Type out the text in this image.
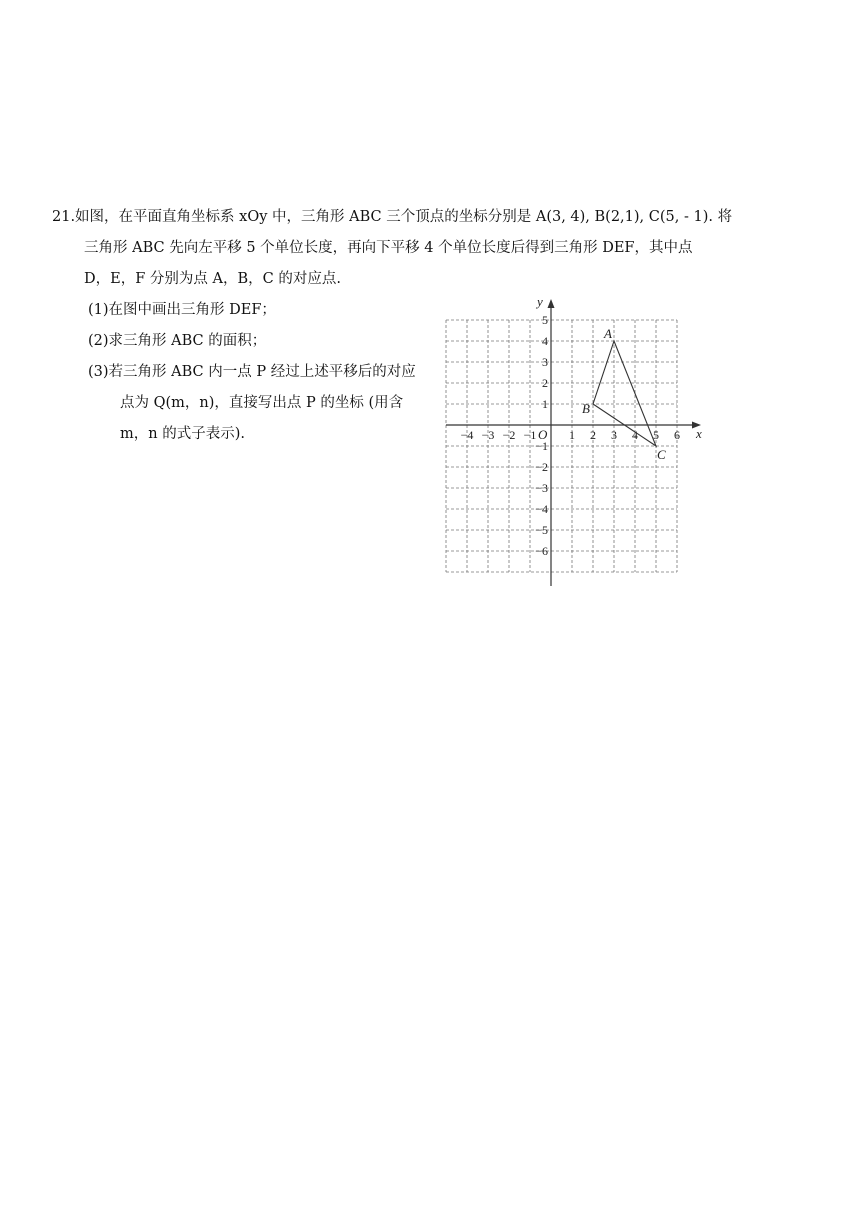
21.如图，在平面直角坐标系 xOy 中，三角形 ABC 三个顶点的坐标分别是 A(3, 4), B(2,1), C(5, - 1). 将
三角形 ABC 先向左平移 5 个单位长度，再向下平移 4 个单位长度后得到三角形 DEF，其中点
D，E，F 分别为点 A，B，C 的对应点.
(1)在图中画出三角形 DEF；
(2)求三角形 ABC 的面积；
(3)若三角形 ABC 内一点 P 经过上述平移后的对应
点为 Q(m，n)，直接写出点 P 的坐标 (用含
m，n 的式子表示).	x
y
O
−4 −3 −2 −1	1 2 3 4 5 6
5
4
3
2
1
−1
−2
−3
−4
−5
−6
A
B
C
